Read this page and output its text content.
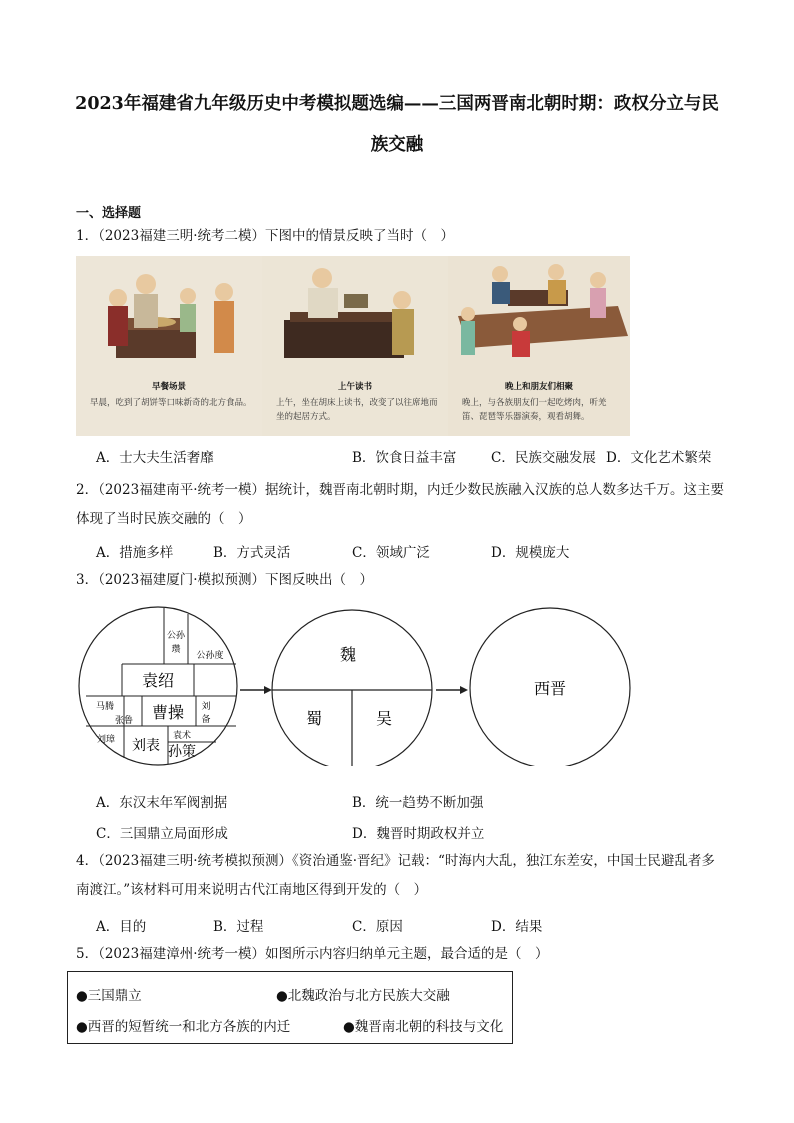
2023年福建省九年级历史中考模拟题选编——三国两晋南北朝时期：政权分立与民族交融
一、选择题
1．（2023福建三明·统考二模）下图中的情景反映了当时（　）
早餐场景
早晨，吃到了胡饼等口味新奇的北方食品。
上午读书
上午，坐在胡床上读书，改变了以往席地而坐的起居方式。
晚上和朋友们相聚
晚上，与各族朋友们一起吃烤肉，听羌笛、琵琶等乐器演奏，观看胡舞。
A．士大夫生活奢靡	B．饮食日益丰富	C．民族交融发展 D．文化艺术繁荣
2．（2023福建南平·统考一模）据统计，魏晋南北朝时期，内迁少数民族融入汉族的总人数多达千万。这主要体现了当时民族交融的（　）
A．措施多样	B．方式灵活	C．领域广泛	D．规模庞大
3．（2023福建厦门·模拟预测）下图反映出（　）
公孙
瓒
公孙度
袁绍
马腾
张鲁 曹操 刘
备
刘璋 刘表
袁术
孙策
魏
蜀	吴
西晋
A．东汉末年军阀割据	B．统一趋势不断加强
C．三国鼎立局面形成	D．魏晋时期政权并立
4．（2023福建三明·统考模拟预测）《资治通鉴·晋纪》记载：“时海内大乱，独江东差安，中国士民避乱者多南渡江。”该材料可用来说明古代江南地区得到开发的（　）
A．目的	B．过程	C．原因	D．结果
5．（2023福建漳州·统考一模）如图所示内容归纳单元主题，最合适的是（　）
●三国鼎立	●北魏政治与北方民族大交融
●西晋的短暂统一和北方各族的内迁	●魏晋南北朝的科技与文化
